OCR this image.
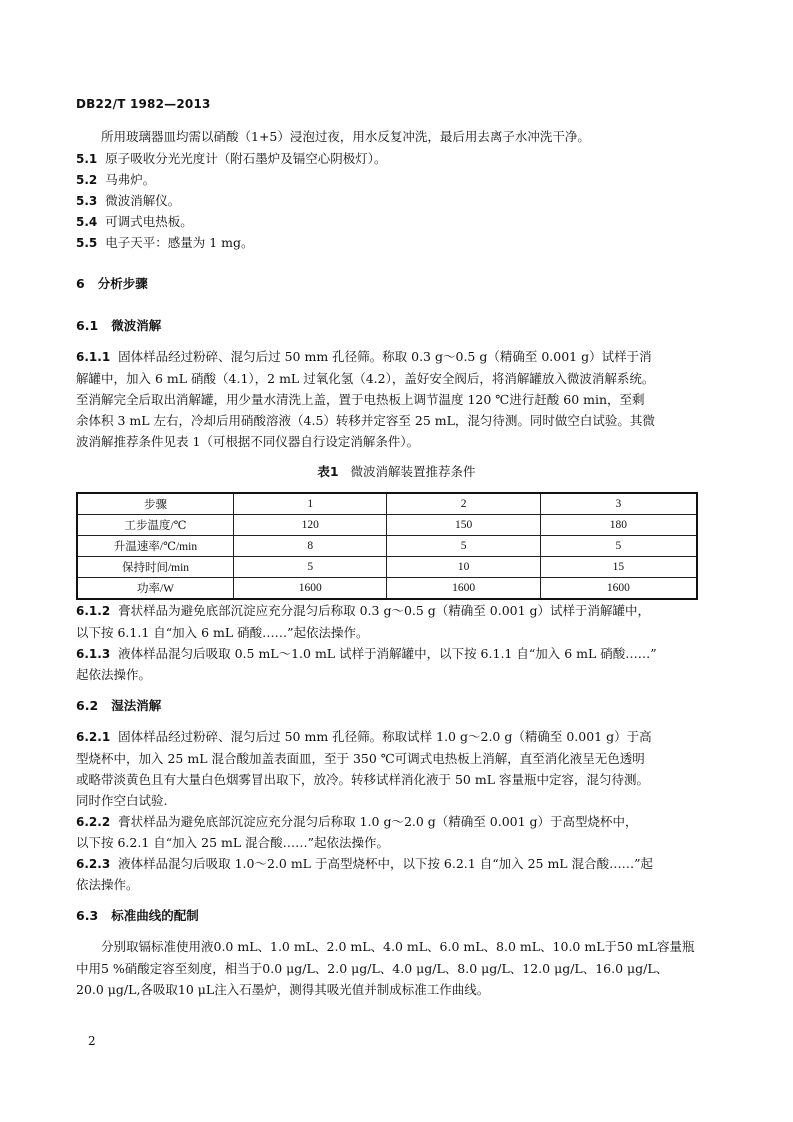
DB22/T 1982—2013
所用玻璃器皿均需以硝酸（1+5）浸泡过夜，用水反复冲洗，最后用去离子水冲洗干净。
5.1 原子吸收分光光度计（附石墨炉及镉空心阴极灯）。
5.2 马弗炉。
5.3 微波消解仪。
5.4 可调式电热板。
5.5 电子天平：感量为 1 mg。
6 分析步骤
6.1 微波消解
6.1.1 固体样品经过粉碎、混匀后过 50 mm 孔径筛。称取 0.3 g～0.5 g（精确至 0.001 g）试样于消
解罐中，加入 6 mL 硝酸（4.1），2 mL 过氧化氢（4.2），盖好安全阀后，将消解罐放入微波消解系统。
至消解完全后取出消解罐，用少量水清洗上盖，置于电热板上调节温度 120 ℃进行赶酸 60 min，至剩
余体积 3 mL 左右，冷却后用硝酸溶液（4.5）转移并定容至 25 mL，混匀待测。同时做空白试验。其微
波消解推荐条件见表 1（可根据不同仪器自行设定消解条件）。
表1 微波消解装置推荐条件
步骤	1	2	3
工步温度/℃	120	150	180
升温速率/℃/min	8	5	5
保持时间/min	5	10	15
功率/W	1600	1600	1600
6.1.2 膏状样品为避免底部沉淀应充分混匀后称取 0.3 g～0.5 g（精确至 0.001 g）试样于消解罐中，
以下按 6.1.1 自“加入 6 mL 硝酸……”起依法操作。
6.1.3 液体样品混匀后吸取 0.5 mL～1.0 mL 试样于消解罐中，以下按 6.1.1 自“加入 6 mL 硝酸……”
起依法操作。
6.2 湿法消解
6.2.1 固体样品经过粉碎、混匀后过 50 mm 孔径筛。称取试样 1.0 g～2.0 g（精确至 0.001 g）于高
型烧杯中，加入 25 mL 混合酸加盖表面皿，至于 350 ℃可调式电热板上消解，直至消化液呈无色透明
或略带淡黄色且有大量白色烟雾冒出取下，放冷。转移试样消化液于 50 mL 容量瓶中定容，混匀待测。
同时作空白试验.
6.2.2 膏状样品为避免底部沉淀应充分混匀后称取 1.0 g～2.0 g（精确至 0.001 g）于高型烧杯中，
以下按 6.2.1 自“加入 25 mL 混合酸……”起依法操作。
6.2.3 液体样品混匀后吸取 1.0～2.0 mL 于高型烧杯中，以下按 6.2.1 自“加入 25 mL 混合酸……”起
依法操作。
6.3 标准曲线的配制
分别取镉标准使用液0.0 mL、1.0 mL、2.0 mL、4.0 mL、6.0 mL、8.0 mL、10.0 mL于50 mL容量瓶
中用5 %硝酸定容至刻度，相当于0.0 μg/L、2.0 μg/L、4.0 μg/L、8.0 μg/L、12.0 μg/L、16.0 μg/L、
20.0 μg/L,各吸取10 μL注入石墨炉，测得其吸光值并制成标准工作曲线。
2
